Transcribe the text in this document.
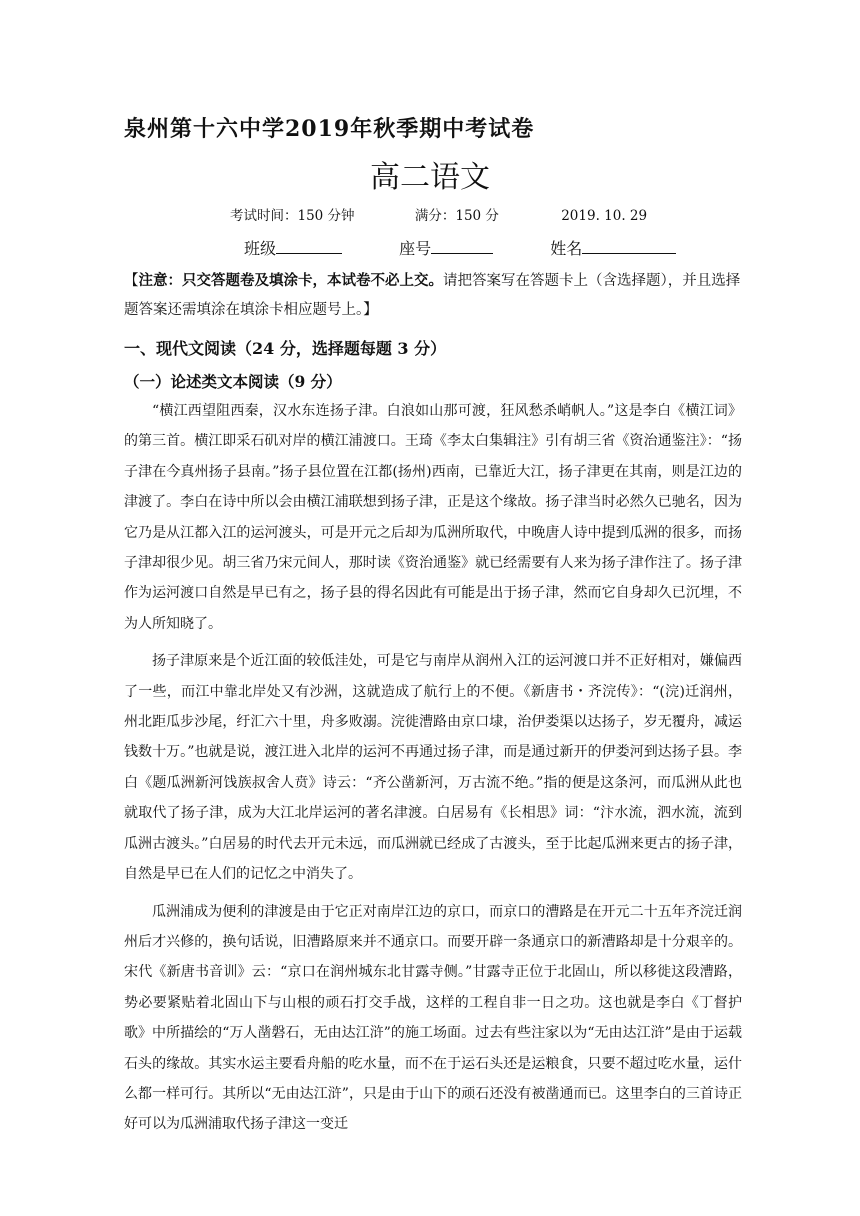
泉州第十六中学2019年秋季期中考试卷
高二语文
考试时间：150 分钟	满分：150 分	2019. 10. 29
班级	座号	姓名
【注意：只交答题卷及填涂卡，本试卷不必上交。请把答案写在答题卡上（含选择题），并且选择题答案还需填涂在填涂卡相应题号上。】
一、现代文阅读（24 分，选择题每题 3 分）
（一）论述类文本阅读（9 分）

“横江西望阻西秦，汉水东连扬子津。白浪如山那可渡，狂风愁杀峭帆人。”这是李白《横江词》的第三首。横江即采石矶对岸的横江浦渡口。王琦《李太白集辑注》引有胡三省《资治通鉴注》：“扬子津在今真州扬子县南。”扬子县位置在江都(扬州)西南，已靠近大江，扬子津更在其南，则是江边的津渡了。李白在诗中所以会由横江浦联想到扬子津，正是这个缘故。扬子津当时必然久已驰名，因为它乃是从江都入江的运河渡头，可是开元之后却为瓜洲所取代，中晚唐人诗中提到瓜洲的很多，而扬子津却很少见。胡三省乃宋元间人，那时读《资治通鉴》就已经需要有人来为扬子津作注了。扬子津作为运河渡口自然是早已有之，扬子县的得名因此有可能是出于扬子津，然而它自身却久已沉埋，不为人所知晓了。

扬子津原来是个近江面的较低洼处，可是它与南岸从润州入江的运河渡口并不正好相对，嫌偏西了一些，而江中靠北岸处又有沙洲，这就造成了航行上的不便。《新唐书・齐浣传》：“(浣)迁润州，州北距瓜步沙尾，纡汇六十里，舟多败溺。浣徙漕路由京口埭，治伊娄渠以达扬子，岁无覆舟，减运钱数十万。”也就是说，渡江进入北岸的运河不再通过扬子津，而是通过新开的伊娄河到达扬子县。李白《题瓜洲新河饯族叔舍人贲》诗云：“齐公凿新河，万古流不绝。”指的便是这条河，而瓜洲从此也就取代了扬子津，成为大江北岸运河的著名津渡。白居易有《长相思》词：“汴水流，泗水流，流到瓜洲古渡头。”白居易的时代去开元未远，而瓜洲就已经成了古渡头，至于比起瓜洲来更古的扬子津，自然是早已在人们的记忆之中消失了。

瓜洲浦成为便利的津渡是由于它正对南岸江边的京口，而京口的漕路是在开元二十五年齐浣迁润州后才兴修的，换句话说，旧漕路原来并不通京口。而要开辟一条通京口的新漕路却是十分艰辛的。宋代《新唐书音训》云：“京口在润州城东北甘露寺侧。”甘露寺正位于北固山，所以移徙这段漕路，势必要紧贴着北固山下与山根的顽石打交手战，这样的工程自非一日之功。这也就是李白《丁督护歌》中所描绘的“万人凿磐石，无由达江浒”的施工场面。过去有些注家以为“无由达江浒”是由于运载石头的缘故。其实水运主要看舟船的吃水量，而不在于运石头还是运粮食，只要不超过吃水量，运什么都一样可行。其所以“无由达江浒”，只是由于山下的顽石还没有被凿通而已。这里李白的三首诗正好可以为瓜洲浦取代扬子津这一变迁
